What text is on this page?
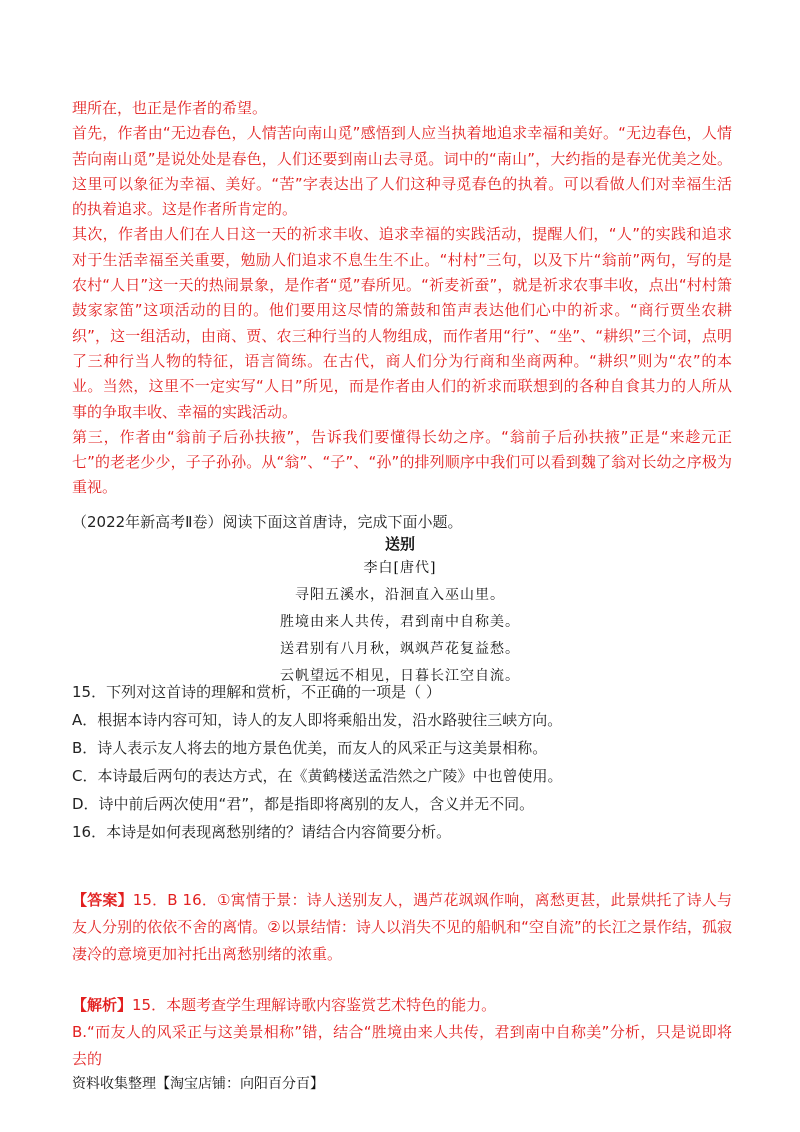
理所在，也正是作者的希望。

首先，作者由“无边春色，人情苦向南山觅”感悟到人应当执着地追求幸福和美好。“无边春色，人情苦向南山觅”是说处处是春色，人们还要到南山去寻觅。词中的“南山”，大约指的是春光优美之处。这里可以象征为幸福、美好。“苦”字表达出了人们这种寻觅春色的执着。可以看做人们对幸福生活的执着追求。这是作者所肯定的。

其次，作者由人们在人日这一天的祈求丰收、追求幸福的实践活动，提醒人们，“人”的实践和追求对于生活幸福至关重要，勉励人们追求不息生生不止。“村村”三句，以及下片“翁前”两句，写的是农村“人日”这一天的热闹景象，是作者“觅”春所见。“祈麦祈蚕”，就是祈求农事丰收，点出“村村箫鼓家家笛”这项活动的目的。他们要用这尽情的箫鼓和笛声表达他们心中的祈求。“商行贾坐农耕织”，这一组活动，由商、贾、农三种行当的人物组成，而作者用“行”、“坐”、“耕织”三个词，点明了三种行当人物的特征，语言简练。在古代，商人们分为行商和坐商两种。“耕织”则为“农”的本业。当然，这里不一定实写“人日”所见，而是作者由人们的祈求而联想到的各种自食其力的人所从事的争取丰收、幸福的实践活动。

第三，作者由“翁前子后孙扶掖”，告诉我们要懂得长幼之序。“翁前子后孙扶掖”正是“来趁元正七”的老老少少，子子孙孙。从“翁”、“子”、“孙”的排列顺序中我们可以看到魏了翁对长幼之序极为重视。

（2022年新高考Ⅱ卷）阅读下面这首唐诗，完成下面小题。

送别
李白[唐代]
寻阳五溪水，沿洄直入巫山里。
胜境由来人共传，君到南中自称美。
送君别有八月秋，飒飒芦花复益愁。
云帆望远不相见，日暮长江空自流。

15．下列对这首诗的理解和赏析，不正确的一项是（ ）

A．根据本诗内容可知，诗人的友人即将乘船出发，沿水路驶往三峡方向。

B．诗人表示友人将去的地方景色优美，而友人的风采正与这美景相称。

C．本诗最后两句的表达方式，在《黄鹤楼送孟浩然之广陵》中也曾使用。

D．诗中前后两次使用“君”，都是指即将离别的友人，含义并无不同。

16．本诗是如何表现离愁别绪的？请结合内容简要分析。

【答案】15．B 16．①寓情于景：诗人送别友人，遇芦花飒飒作响，离愁更甚，此景烘托了诗人与友人分别的依依不舍的离情。②以景结情：诗人以消失不见的船帆和“空自流”的长江之景作结，孤寂凄冷的意境更加衬托出离愁别绪的浓重。

【解析】15．本题考查学生理解诗歌内容鉴赏艺术特色的能力。

B.“而友人的风采正与这美景相称”错，结合“胜境由来人共传，君到南中自称美”分析，只是说即将去的

资料收集整理【淘宝店铺：向阳百分百】
